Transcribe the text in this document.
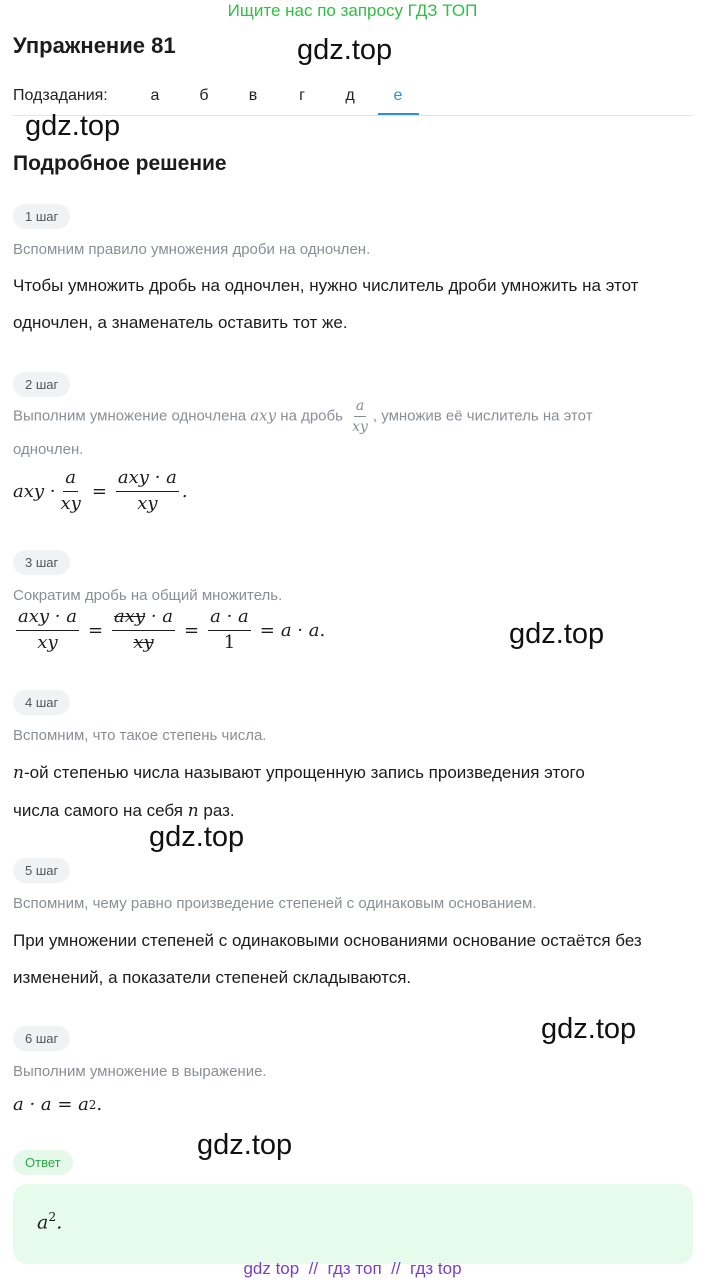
Ищите нас по запросу ГДЗ ТОП
Упражнение 81	gdz.top
Подзадания:	а	б	в	г	д	е
gdz.top
Подробное решение
1 шаг
Вспомним правило умножения дроби на одночлен.
Чтобы умножить дробь на одночлен, нужно числитель дроби умножить на этот одночлен, а знаменатель оставить тот же.
2 шаг
Выполним умножение одночлена axy на дробь $\frac{a}{xy}$ , умножив её числитель на этот
одночлен.
axy · $\frac{a}{xy} = \frac{\text{axy · a}}{xy}$ .
3 шаг
Сократим дробь на общий множитель.
$\frac{\text{axy · a}}{xy} = \frac{\text{axy · a}}{xy} = \frac{a \cdot a}{1} = a \cdot a$.	gdz.top
4 шаг
Вспомним, что такое степень числа.
n-ой степенью числа называют упрощенную запись произведения этого
числа самого на себя n раз.
gdz.top
5 шаг
Вспомним, чему равно произведение степеней с одинаковым основанием.
При умножении степеней с одинаковыми основаниями основание остаётся без изменений, а показатели степеней складываются.
gdz.top
6 шаг
Выполним умножение в выражение.
a · a =
a 2 .
gdz.top
Ответ
$a^2$.
gdz top  //  гдз топ  //  гдз top
